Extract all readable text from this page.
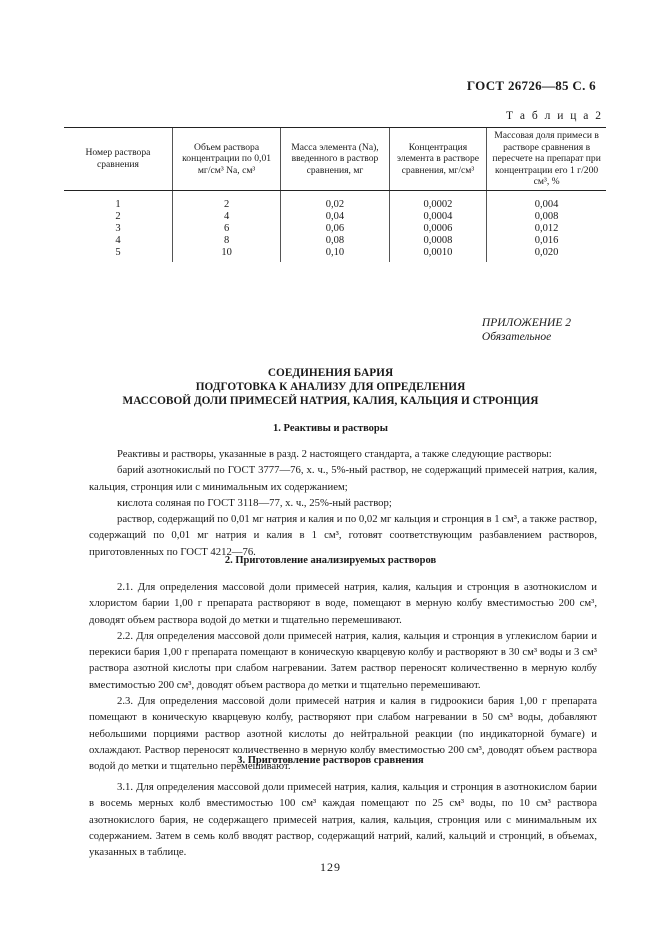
ГОСТ 26726—85 С. 6
Т а б л и ц а 2
Номер раствора сравнения	Объем раствора концентрации по 0,01 мг/см³ Na, см³	Масса элемента (Na), введенного в раствор сравнения, мг	Концентрация элемента в растворе сравнения, мг/см³	Массовая доля примеси в растворе сравнения в пересчете на препарат при концентрации его 1 г/200 см³, %
1	2	0,02	0,0002	0,004
2	4	0,04	0,0004	0,008
3	6	0,06	0,0006	0,012
4	8	0,08	0,0008	0,016
5	10	0,10	0,0010	0,020
ПРИЛОЖЕНИЕ 2
Обязательное
СОЕДИНЕНИЯ БАРИЯ
ПОДГОТОВКА К АНАЛИЗУ ДЛЯ ОПРЕДЕЛЕНИЯ
МАССОВОЙ ДОЛИ ПРИМЕСЕЙ НАТРИЯ, КАЛИЯ, КАЛЬЦИЯ И СТРОНЦИЯ
1. Реактивы и растворы

Реактивы и растворы, указанные в разд. 2 настоящего стандарта, а также следующие растворы:

барий азотнокислый по ГОСТ 3777—76, х. ч., 5%-ный раствор, не содержащий примесей натрия, калия, кальция, стронция или с минимальным их содержанием;

кислота соляная по ГОСТ 3118—77, х. ч., 25%-ный раствор;

раствор, содержащий по 0,01 мг натрия и калия и по 0,02 мг кальция и стронция в 1 см³, а также раствор, содержащий по 0,01 мг натрия и калия в 1 см³, готовят соответствующим разбавлением растворов, приготовленных по ГОСТ 4212—76.

2. Приготовление анализируемых растворов

2.1. Для определения массовой доли примесей натрия, калия, кальция и стронция в азотнокислом и хлористом барии 1,00 г препарата растворяют в воде, помещают в мерную колбу вместимостью 200 см³, доводят объем раствора водой до метки и тщательно перемешивают.

2.2. Для определения массовой доли примесей натрия, калия, кальция и стронция в углекислом барии и перекиси бария 1,00 г препарата помещают в коническую кварцевую колбу и растворяют в 30 см³ воды и 3 см³ раствора азотной кислоты при слабом нагревании. Затем раствор переносят количественно в мерную колбу вместимостью 200 см³, доводят объем раствора до метки и тщательно перемешивают.

2.3. Для определения массовой доли примесей натрия и калия в гидроокиси бария 1,00 г препарата помещают в коническую кварцевую колбу, растворяют при слабом нагревании в 50 см³ воды, добавляют небольшими порциями раствор азотной кислоты до нейтральной реакции (по индикаторной бумаге) и охлаждают. Раствор переносят количественно в мерную колбу вместимостью 200 см³, доводят объем раствора водой до метки и тщательно перемешивают.

3. Приготовление растворов сравнения

3.1. Для определения массовой доли примесей натрия, калия, кальция и стронция в азотнокислом барии в восемь мерных колб вместимостью 100 см³ каждая помещают по 25 см³ воды, по 10 см³ раствора азотнокислого бария, не содержащего примесей натрия, калия, кальция, стронция или с минимальным их содержанием. Затем в семь колб вводят раствор, содержащий натрий, калий, кальций и стронций, в объемах, указанных в таблице.

129
